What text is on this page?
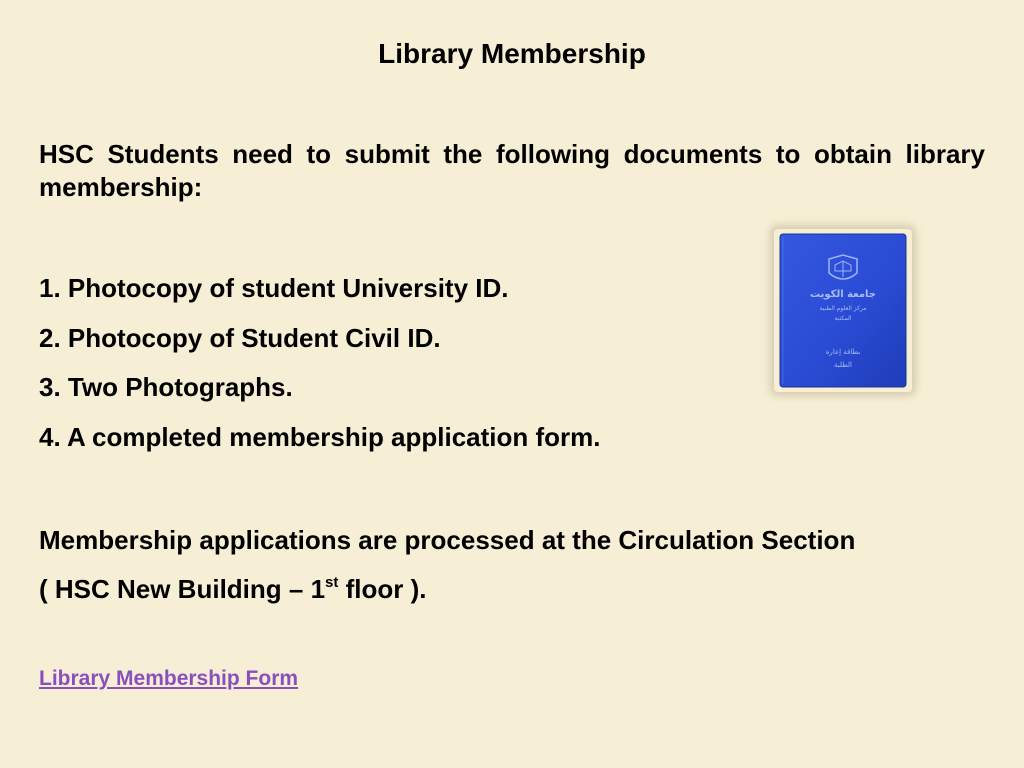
Library Membership
HSC Students need to submit the following documents to obtain library membership:
1. Photocopy of student University ID.
2. Photocopy of Student Civil ID.
3. Two Photographs.
4. A completed membership application form.
Membership applications are processed at the Circulation Section
( HSC New Building – 1st floor ).
Library Membership Form
جامعة الكويت
مركز العلوم الطبية
المكتبة
بطاقة إعارة
الطلبة
